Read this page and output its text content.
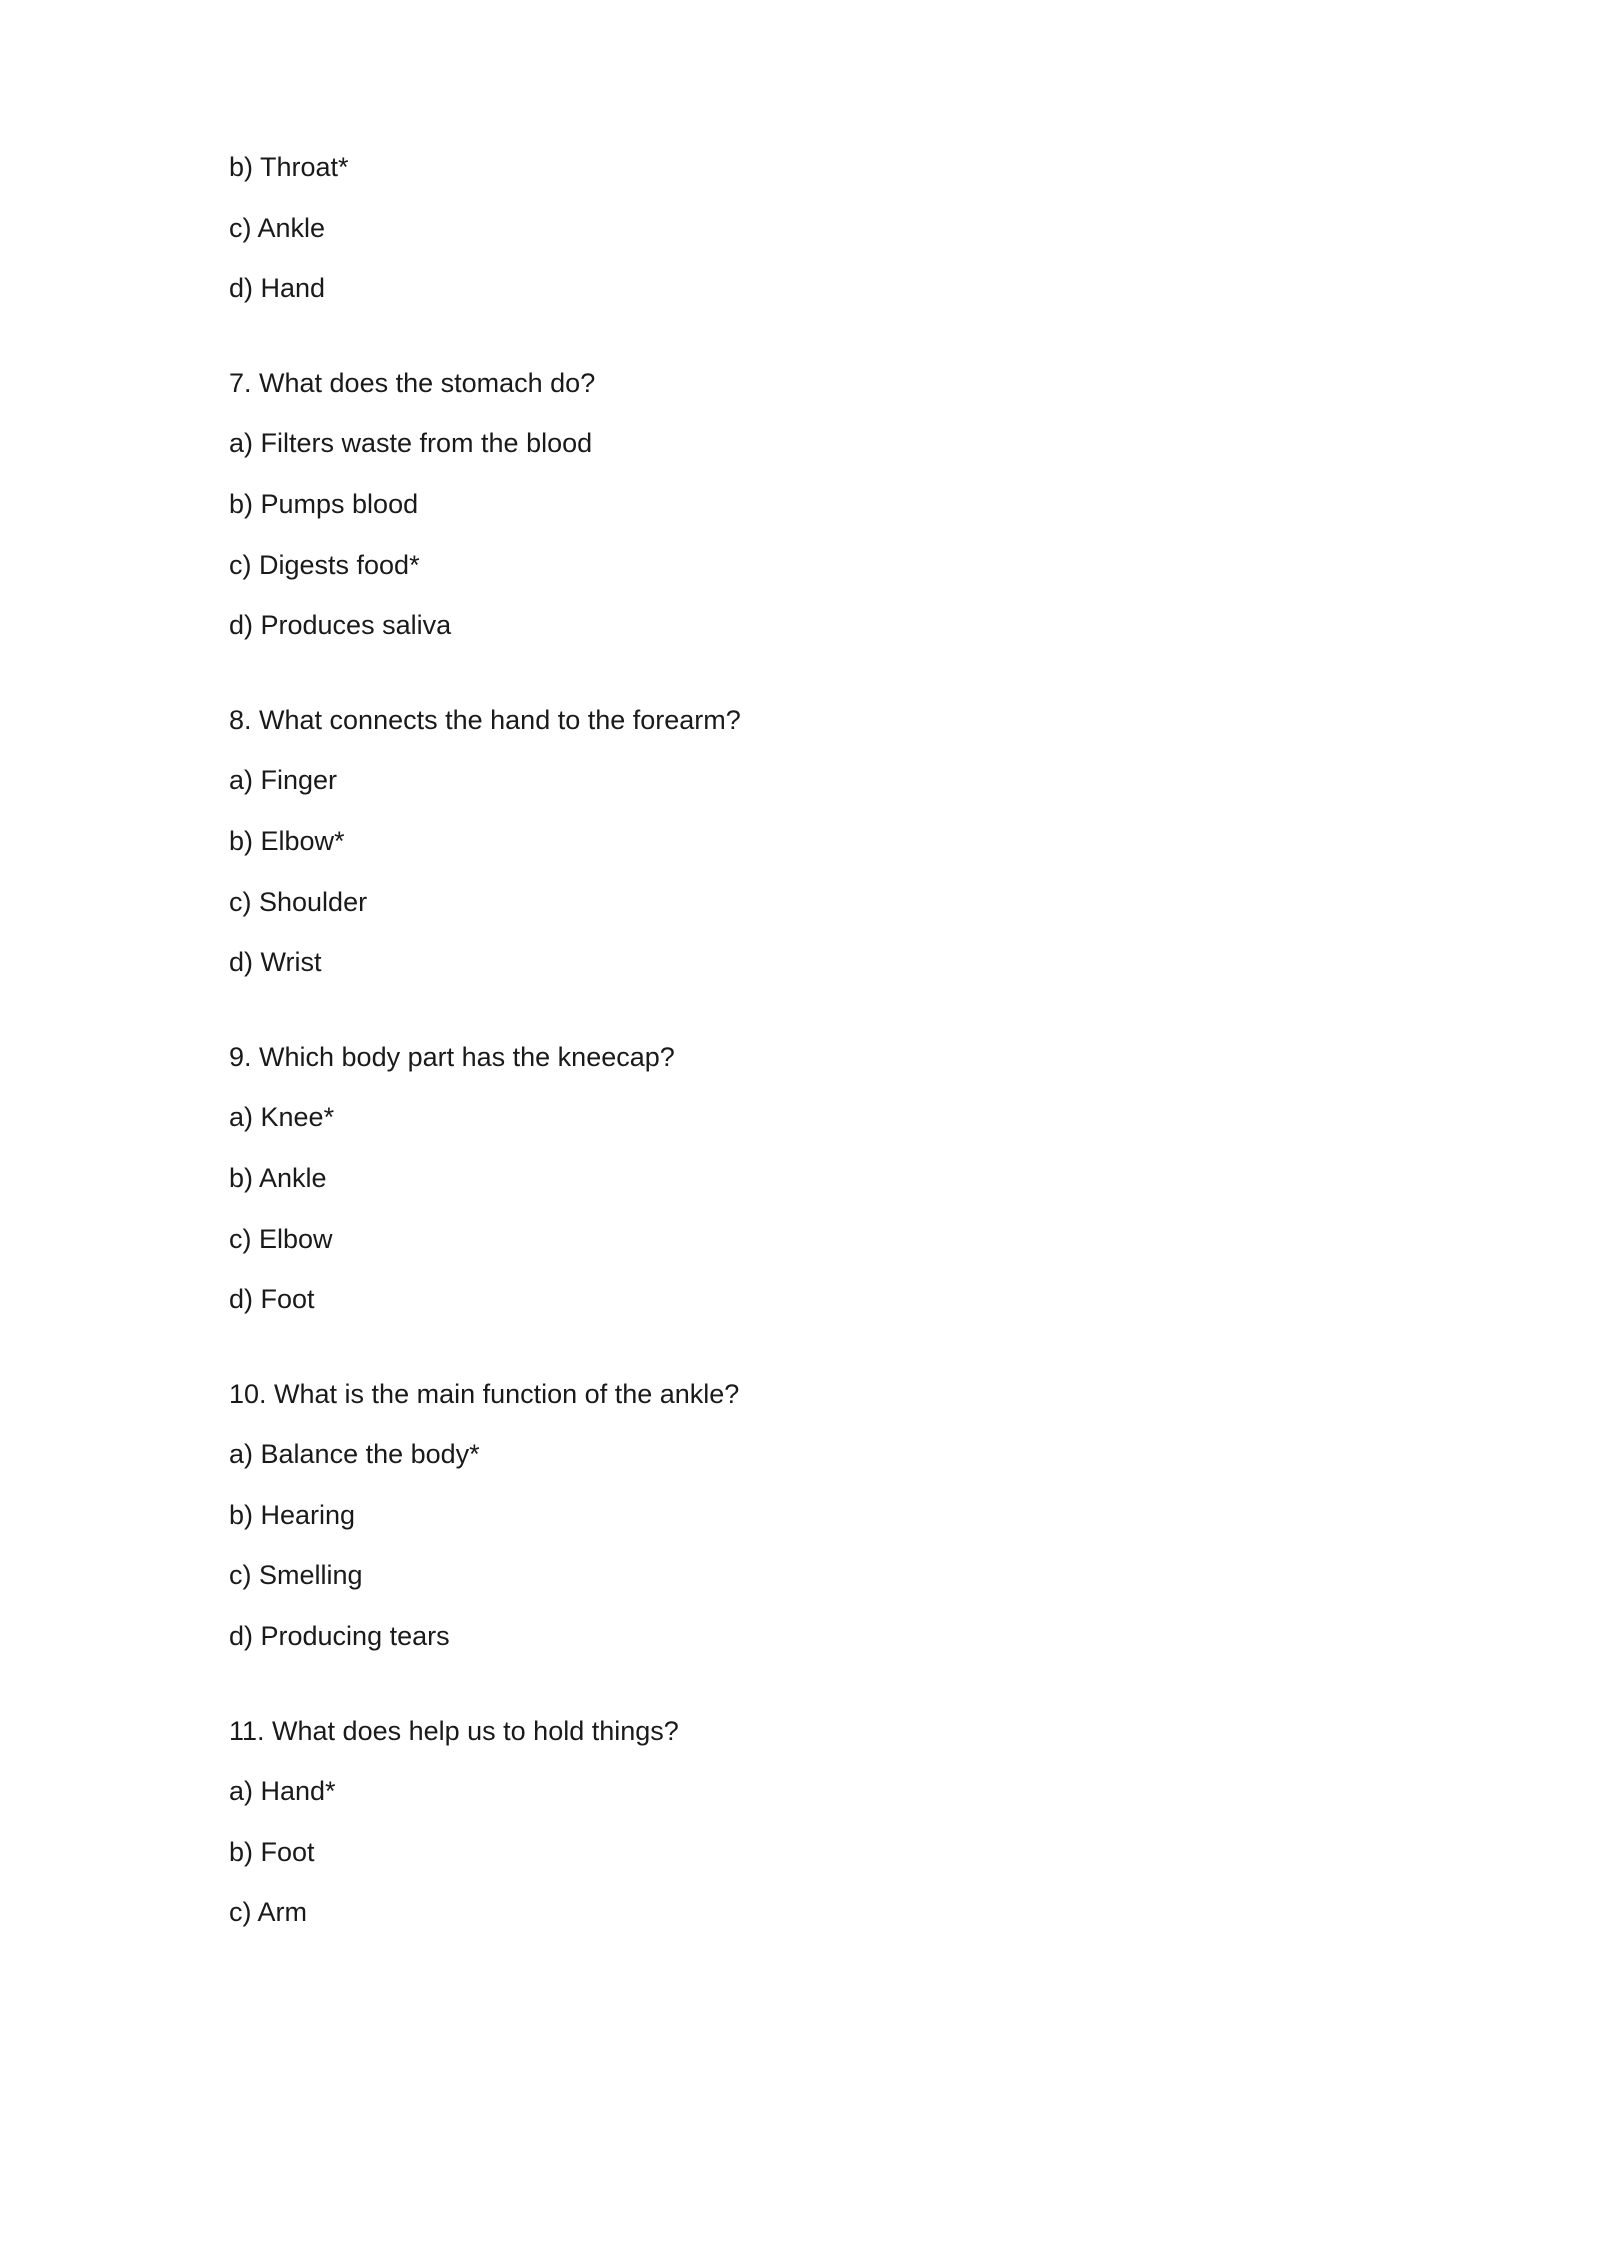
b) Throat*
c) Ankle
d) Hand
7. What does the stomach do?
a) Filters waste from the blood
b) Pumps blood
c) Digests food*
d) Produces saliva
8. What connects the hand to the forearm?
a) Finger
b) Elbow*
c) Shoulder
d) Wrist
9. Which body part has the kneecap?
a) Knee*
b) Ankle
c) Elbow
d) Foot
10. What is the main function of the ankle?
a) Balance the body*
b) Hearing
c) Smelling
d) Producing tears
11. What does help us to hold things?
a) Hand*
b) Foot
c) Arm
